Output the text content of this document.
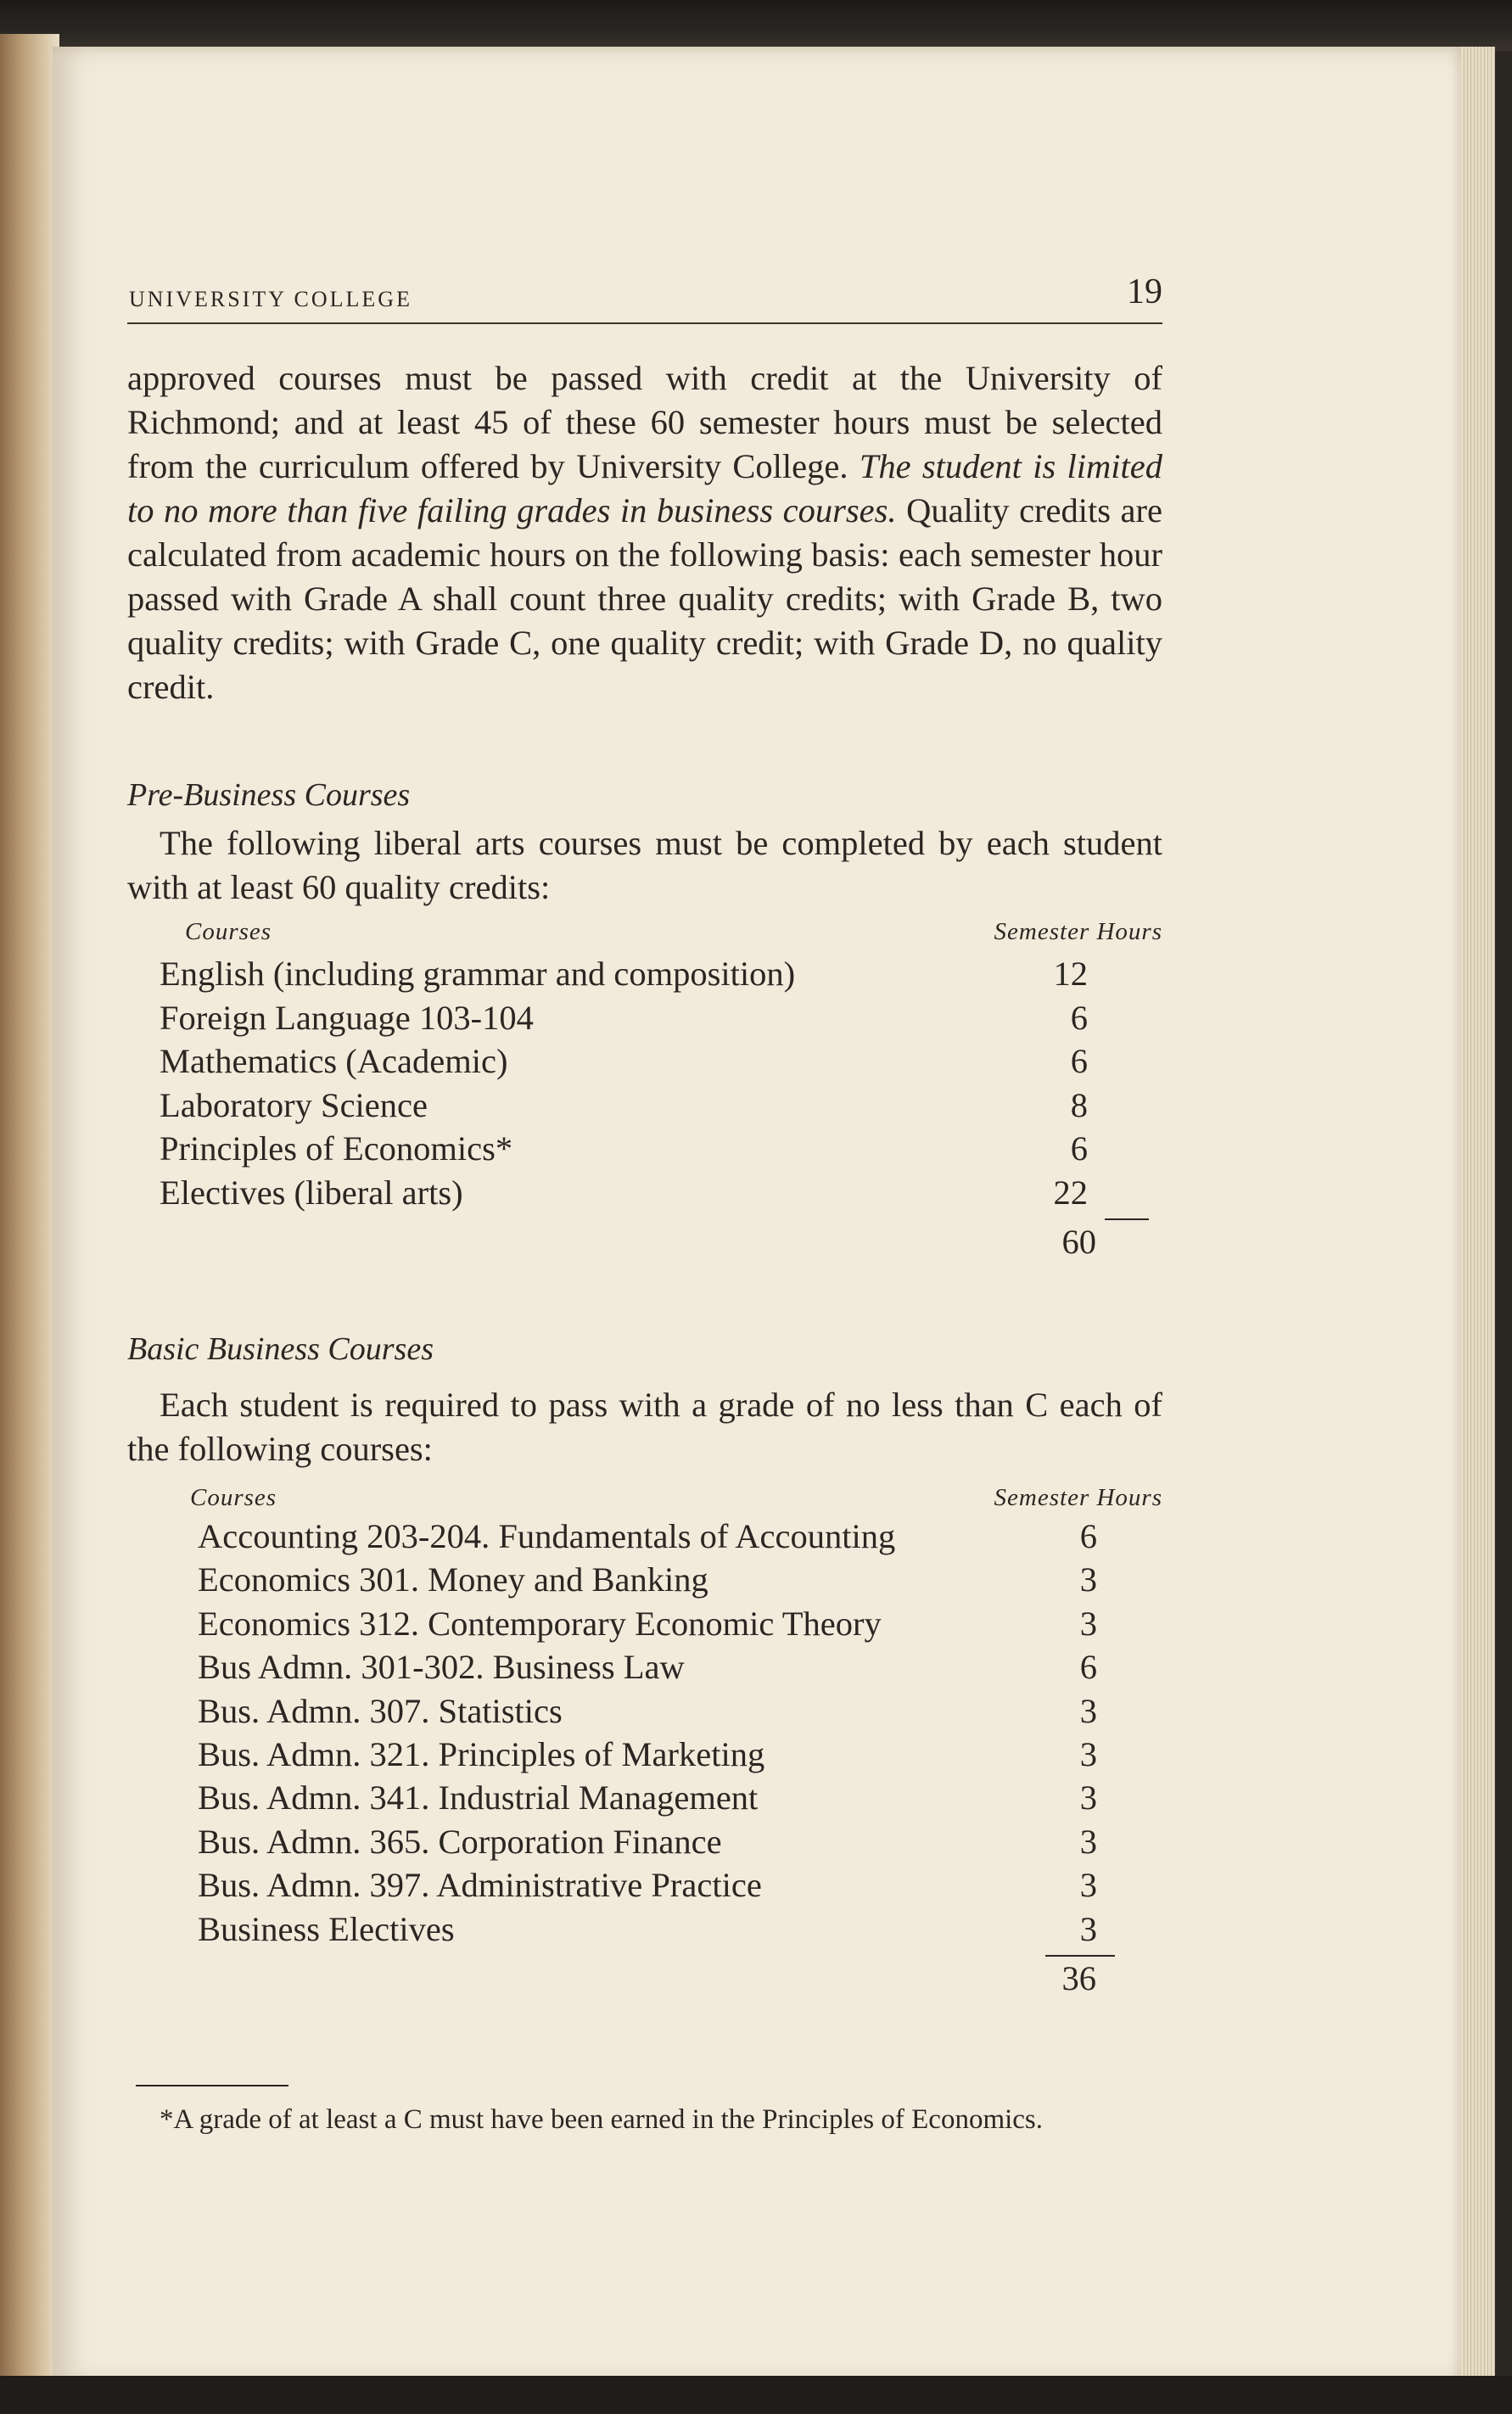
UNIVERSITY COLLEGE	19

approved courses must be passed with credit at the University of Richmond; and at least 45 of these 60 semester hours must be selected from the curriculum offered by University College. The student is limited to no more than five failing grades in business courses. Quality credits are calculated from academic hours on the following basis: each semester hour passed with Grade A shall count three quality credits; with Grade B, two quality credits; with Grade C, one quality credit; with Grade D, no quality credit.

Pre-Business Courses

The following liberal arts courses must be completed by each student with at least 60 quality credits:

Courses	Semester Hours
English (including grammar and composition)	12
Foreign Language 103-104	6
Mathematics (Academic)	6
Laboratory Science	8
Principles of Economics*	6
Electives (liberal arts)	22
60
Basic Business Courses

Each student is required to pass with a grade of no less than C each of the following courses:

Courses	Semester Hours
Accounting 203-204. Fundamentals of Accounting	6
Economics 301. Money and Banking	3
Economics 312. Contemporary Economic Theory	3
Bus Admn. 301-302. Business Law	6
Bus. Admn. 307. Statistics	3
Bus. Admn. 321. Principles of Marketing	3
Bus. Admn. 341. Industrial Management	3
Bus. Admn. 365. Corporation Finance	3
Bus. Admn. 397. Administrative Practice	3
Business Electives	3
36

*A grade of at least a C must have been earned in the Principles of Economics.
